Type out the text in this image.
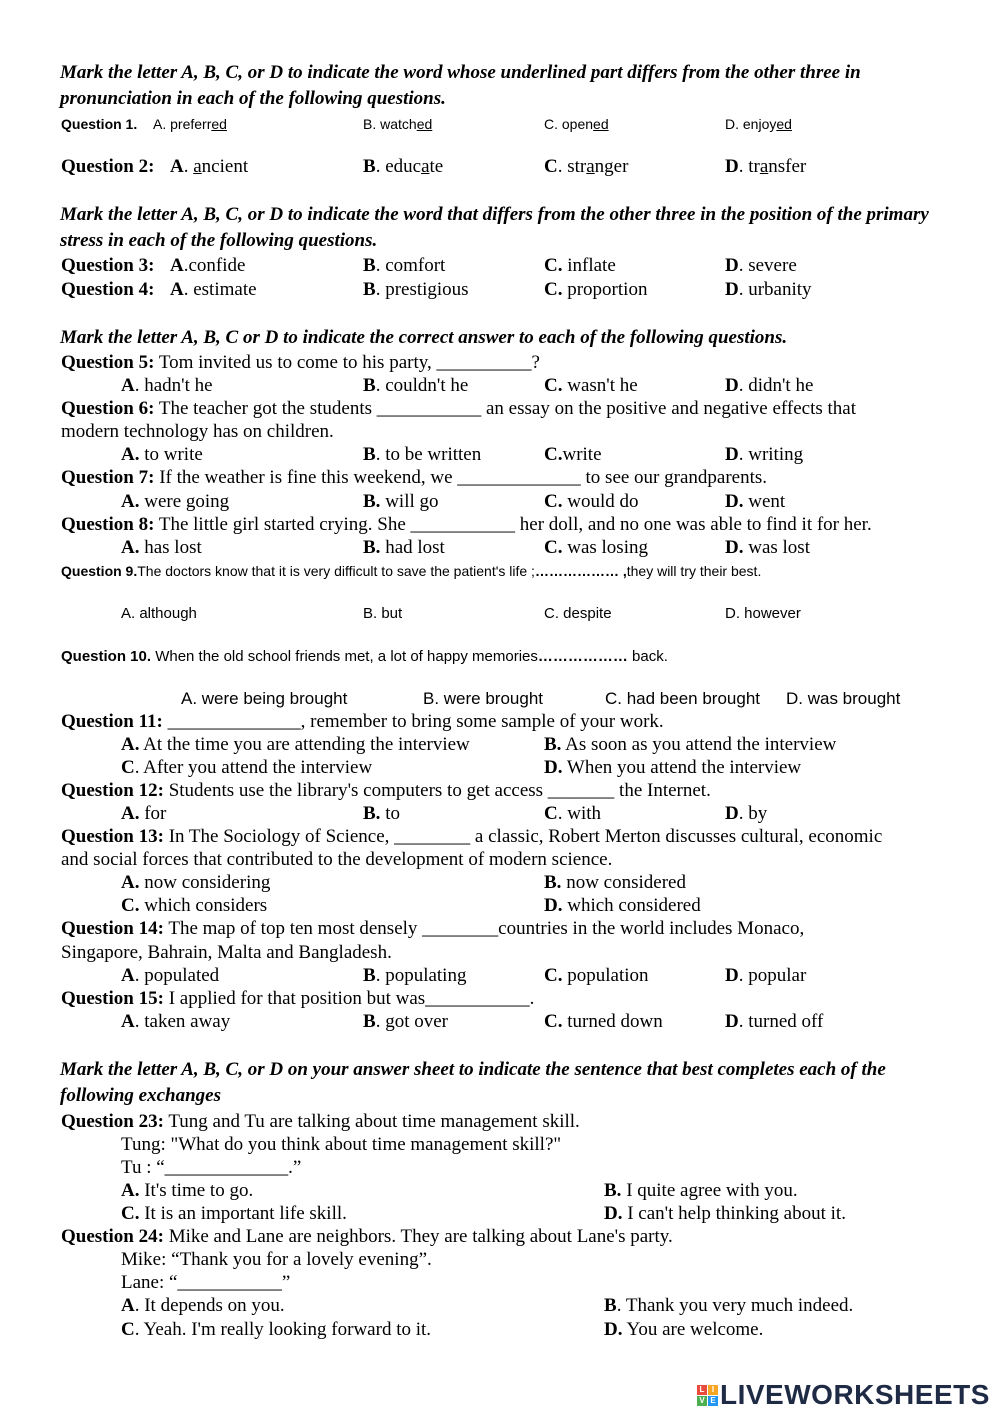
Mark the letter A, B, C, or D to indicate the word whose underlined part differs from the other three in pronunciation in each of the following questions.
Question 1. A. preferred	B. watched	C. opened	D. enjoyed
Question 2: A. ancient	B. educate	C. stranger	D. transfer
Mark the letter A, B, C, or D to indicate the word that differs from the other three in the position of the primary stress in each of the following questions.
Question 3: A.confide	B. comfort	C. inflate	D. severe
Question 4: A. estimate	B. prestigious	C. proportion	D. urbanity
Mark the letter A, B, C or D to indicate the correct answer to each of the following questions.
Question 5: Tom invited us to come to his party, __________?
A. hadn't he	B. couldn't he	C. wasn't he	D. didn't he
Question 6: The teacher got the students ___________ an essay on the positive and negative effects that
modern technology has on children.
A. to write	B. to be written	C.write	D. writing
Question 7: If the weather is fine this weekend, we _____________ to see our grandparents.
A. were going	B. will go	C. would do	D. went
Question 8: The little girl started crying. She ___________ her doll, and no one was able to find it for her.
A. has lost	B. had lost	C. was losing	D. was lost
Question 9.The doctors know that it is very difficult to save the patient's life ;……………… ,they will try their best.
A. although	B. but	C. despite	D. however
Question 10. When the old school friends met, a lot of happy memories……………… back.
A. were being brought	B. were brought	C. had been brought D. was brought
Question 11: ______________, remember to bring some sample of your work.
A. At the time you are attending the interview	B. As soon as you attend the interview
C. After you attend the interview	D. When you attend the interview
Question 12: Students use the library's computers to get access _______ the Internet.
A. for	B. to	C. with	D. by
Question 13: In The Sociology of Science, ________ a classic, Robert Merton discusses cultural, economic
and social forces that contributed to the development of modern science.
A. now considering	B. now considered
C. which considers	D. which considered
Question 14: The map of top ten most densely ________countries in the world includes Monaco,
Singapore, Bahrain, Malta and Bangladesh.
A. populated	B. populating	C. population	D. popular
Question 15: I applied for that position but was___________.
A. taken away	B. got over	C. turned down	D. turned off
Mark the letter A, B, C, or D on your answer sheet to indicate the sentence that best completes each of the following exchanges
Question 23: Tung and Tu are talking about time management skill.
Tung: "What do you think about time management skill?"
Tu : “_____________.”
A. It's time to go.	B. I quite agree with you.
C. It is an important life skill.	D. I can't help thinking about it.
Question 24: Mike and Lane are neighbors. They are talking about Lane's party.
Mike: “Thank you for a lovely evening”.
Lane: “___________”
A. It depends on you.	B. Thank you very much indeed.
C. Yeah. I'm really looking forward to it.	D. You are welcome.
L I
V E LIVEWORKSHEETS
